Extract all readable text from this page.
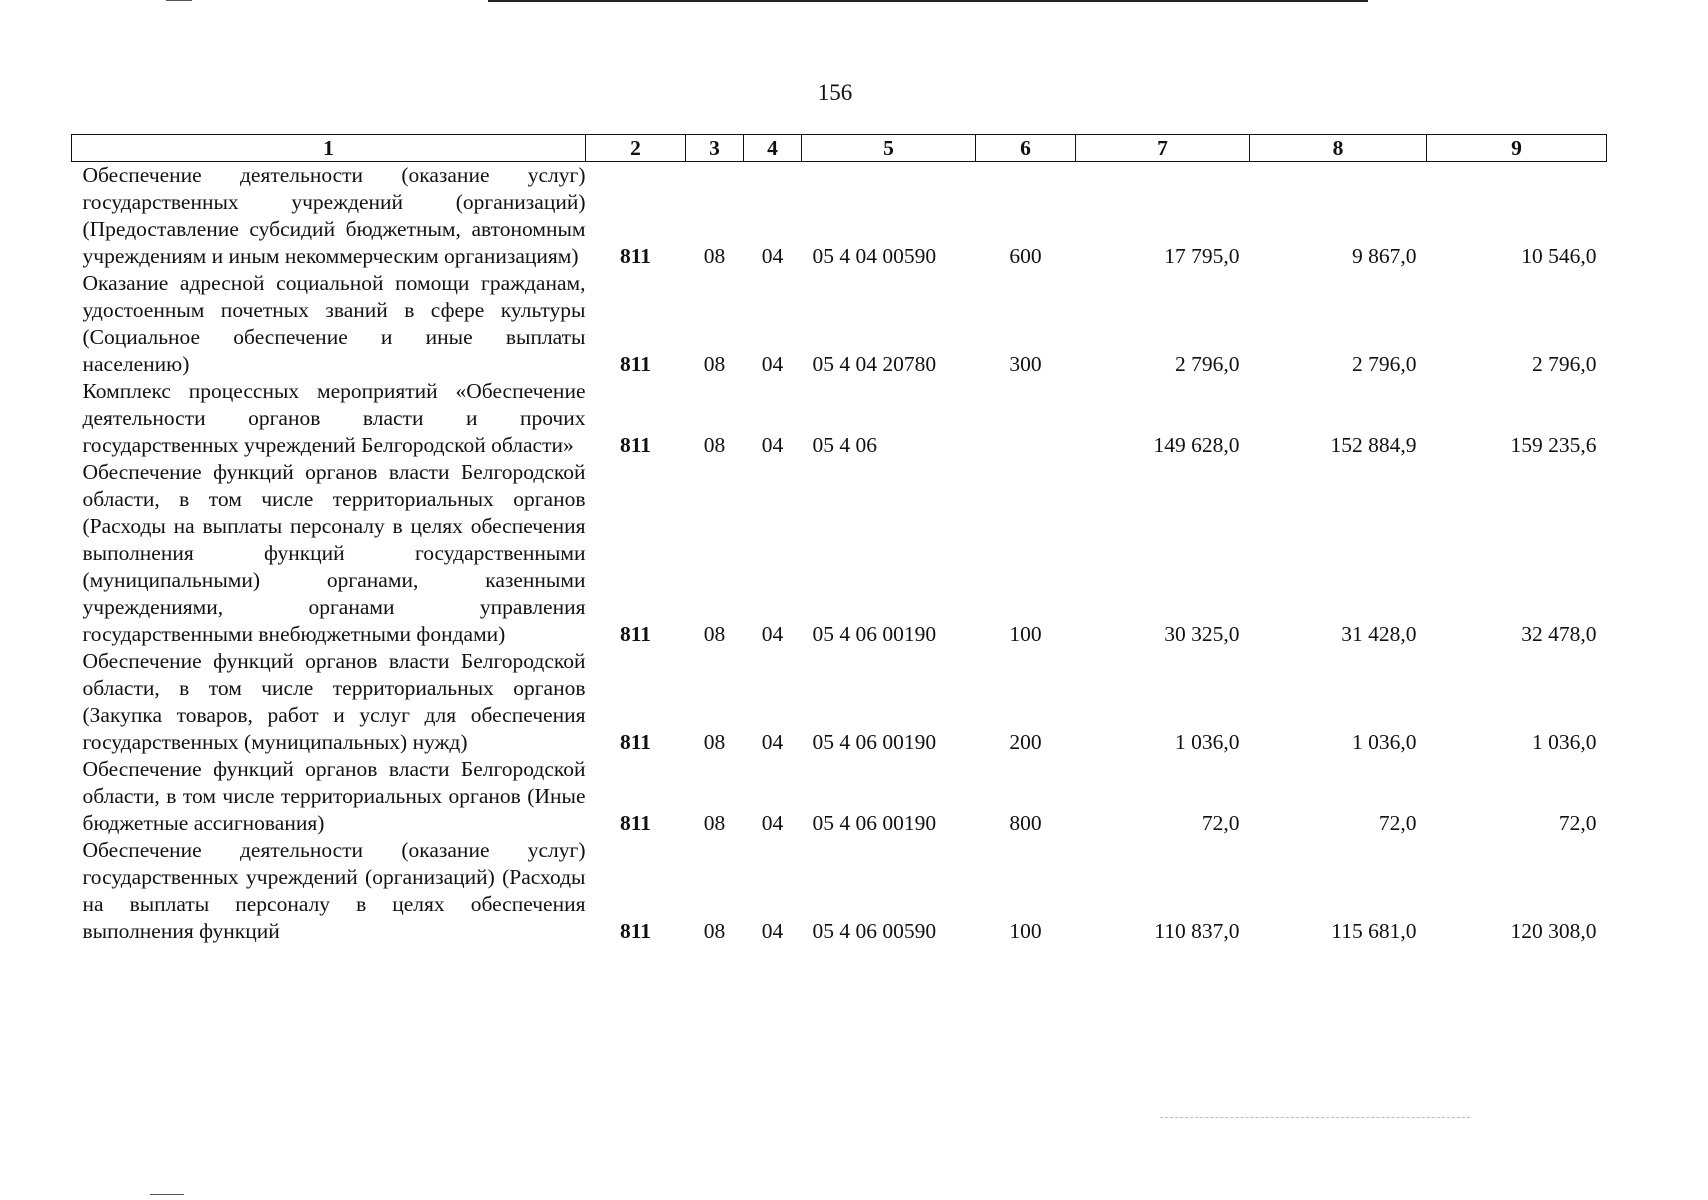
156
1	2	3	4	5	6	7	8	9
Обеспечение деятельности (оказание услуг) государственных учреждений (организаций) (Предоставление субсидий бюджетным, автономным учреждениям и иным некоммерческим организациям)	811	08	04	05 4 04 00590	600	17 795,0	9 867,0	10 546,0
Оказание адресной социальной помощи гражданам, удостоенным почетных званий в сфере культуры (Социальное обеспечение и иные выплаты населению)	811	08	04	05 4 04 20780	300	2 796,0	2 796,0	2 796,0
Комплекс процессных мероприятий «Обеспечение деятельности органов власти и прочих государственных учреждений Белгородской области»	811	08	04	05 4 06		149 628,0	152 884,9	159 235,6
Обеспечение функций органов власти Белгородской области, в том числе территориальных органов (Расходы на выплаты персоналу в целях обеспечения выполнения функций государственными (муниципальными) органами, казенными учреждениями, органами управления государственными внебюджетными фондами)	811	08	04	05 4 06 00190	100	30 325,0	31 428,0	32 478,0
Обеспечение функций органов власти Белгородской области, в том числе территориальных органов (Закупка товаров, работ и услуг для обеспечения государственных (муниципальных) нужд)	811	08	04	05 4 06 00190	200	1 036,0	1 036,0	1 036,0
Обеспечение функций органов власти Белгородской области, в том числе территориальных органов (Иные бюджетные ассигнования)	811	08	04	05 4 06 00190	800	72,0	72,0	72,0
Обеспечение деятельности (оказание услуг) государственных учреждений (организаций) (Расходы на выплаты персоналу в целях обеспечения выполнения функций	811	08	04	05 4 06 00590	100	110 837,0	115 681,0	120 308,0
